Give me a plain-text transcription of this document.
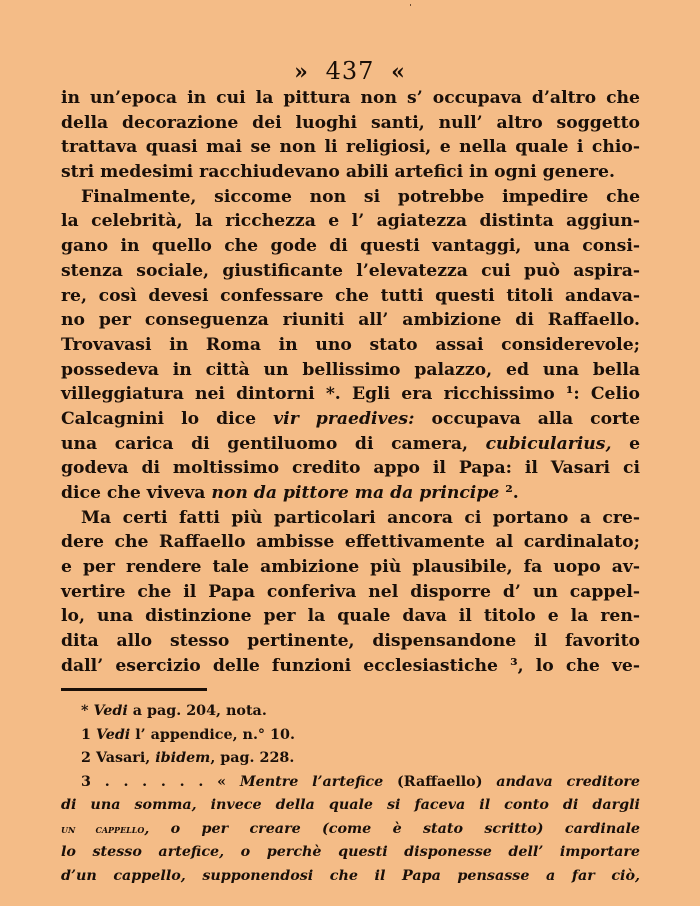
» 437 «
in un’epoca in cui la pittura non s’ occupava d’altro che
della decorazione dei luoghi santi, null’ altro soggetto
trattava quasi mai se non li religiosi, e nella quale i chio-
stri medesimi racchiudevano abili artefici in ogni genere.
Finalmente, siccome non si potrebbe impedire che
la celebrità, la ricchezza e l’ agiatezza distinta aggiun-
gano in quello che gode di questi vantaggi, una consi-
stenza sociale, giustificante l’elevatezza cui può aspira-
re, così devesi confessare che tutti questi titoli andava-
no per conseguenza riuniti all’ ambizione di Raffaello.
Trovavasi in Roma in uno stato assai considerevole;
possedeva in città un bellissimo palazzo, ed una bella
villeggiatura nei dintorni *. Egli era ricchissimo ¹: Celio
Calcagnini lo dice vir praedives: occupava alla corte
una carica di gentiluomo di camera, cubicularius, e
godeva di moltissimo credito appo il Papa: il Vasari ci
dice che viveva non da pittore ma da principe ².
Ma certi fatti più particolari ancora ci portano a cre-
dere che Raffaello ambisse effettivamente al cardinalato;
e per rendere tale ambizione più plausibile, fa uopo av-
vertire che il Papa conferiva nel disporre d’ un cappel-
lo, una distinzione per la quale dava il titolo e la ren-
dita allo stesso pertinente, dispensandone il favorito
dall’ esercizio delle funzioni ecclesiastiche ³, lo che ve-
* Vedi a pag. 204, nota.
1 Vedi l’ appendice, n.° 10.
2 Vasari, ibidem, pag. 228.
3 . . . . . . « Mentre l’artefice (Raffaello) andava creditore
di una somma, invece della quale si faceva il conto di dargli
un cappello, o per creare (come è stato scritto) cardinale
lo stesso artefice, o perchè questi disponesse dell’ importare
d’un cappello, supponendosi che il Papa pensasse a far ciò,
